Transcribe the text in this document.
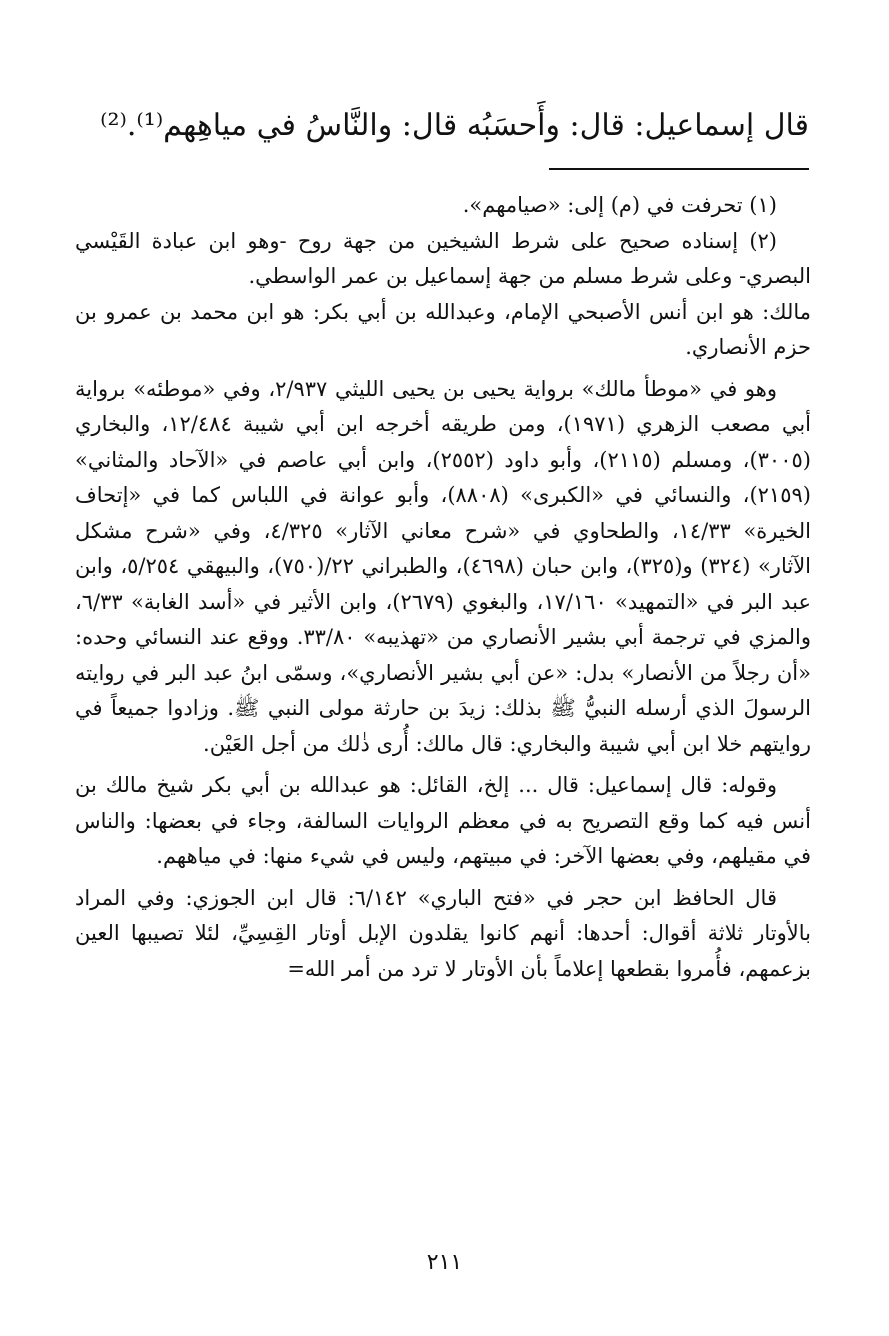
قال إسماعيل: قال: وأَحسَبُه قال: والنَّاسُ في مياهِهم⁽¹⁾.⁽²⁾

(١) تحرفت في (م) إلى: «صيامهم».

(٢) إسناده صحيح على شرط الشيخين من جهة روح -وهو ابن عبادة القَيْسي البصري- وعلى شرط مسلم من جهة إسماعيل بن عمر الواسطي.

مالك: هو ابن أنس الأصبحي الإمام، وعبدالله بن أبي بكر: هو ابن محمد بن عمرو بن حزم الأنصاري.

وهو في «موطأ مالك» برواية يحيى بن يحيى الليثي ٢/٩٣٧، وفي «موطئه» برواية أبي مصعب الزهري (١٩٧١)، ومن طريقه أخرجه ابن أبي شيبة ١٢/٤٨٤، والبخاري (٣٠٠٥)، ومسلم (٢١١٥)، وأبو داود (٢٥٥٢)، وابن أبي عاصم في «الآحاد والمثاني» (٢١٥٩)، والنسائي في «الكبرى» (٨٨٠٨)، وأبو عوانة في اللباس كما في «إتحاف الخيرة» ١٤/٣٣، والطحاوي في «شرح معاني الآثار» ٤/٣٢٥، وفي «شرح مشكل الآثار» (٣٢٤) و(٣٢٥)، وابن حبان (٤٦٩٨)، والطبراني ٢٢/(٧٥٠)، والبيهقي ٥/٢٥٤، وابن عبد البر في «التمهيد» ١٧/١٦٠، والبغوي (٢٦٧٩)، وابن الأثير في «أسد الغابة» ٦/٣٣، والمزي في ترجمة أبي بشير الأنصاري من «تهذيبه» ٣٣/٨٠. ووقع عند النسائي وحده: «أن رجلاً من الأنصار» بدل: «عن أبي بشير الأنصاري»، وسمّى ابنُ عبد البر في روايته الرسولَ الذي أرسله النبيُّ ﷺ بذلك: زيدَ بن حارثة مولى النبي ﷺ. وزادوا جميعاً في روايتهم خلا ابن أبي شيبة والبخاري: قال مالك: أُرى ذٰلك من أجل العَيْن.

وقوله: قال إسماعيل: قال ... إلخ، القائل: هو عبدالله بن أبي بكر شيخ مالك بن أنس فيه كما وقع التصريح به في معظم الروايات السالفة، وجاء في بعضها: والناس في مقيلهم، وفي بعضها الآخر: في مبيتهم، وليس في شيء منها: في مياههم.

قال الحافظ ابن حجر في «فتح الباري» ٦/١٤٢: قال ابن الجوزي: وفي المراد بالأوتار ثلاثة أقوال: أحدها: أنهم كانوا يقلدون الإبل أوتار القِسِيِّ، لئلا تصيبها العين بزعمهم، فأُمروا بقطعها إعلاماً بأن الأوتار لا ترد من أمر الله=

٢١١
